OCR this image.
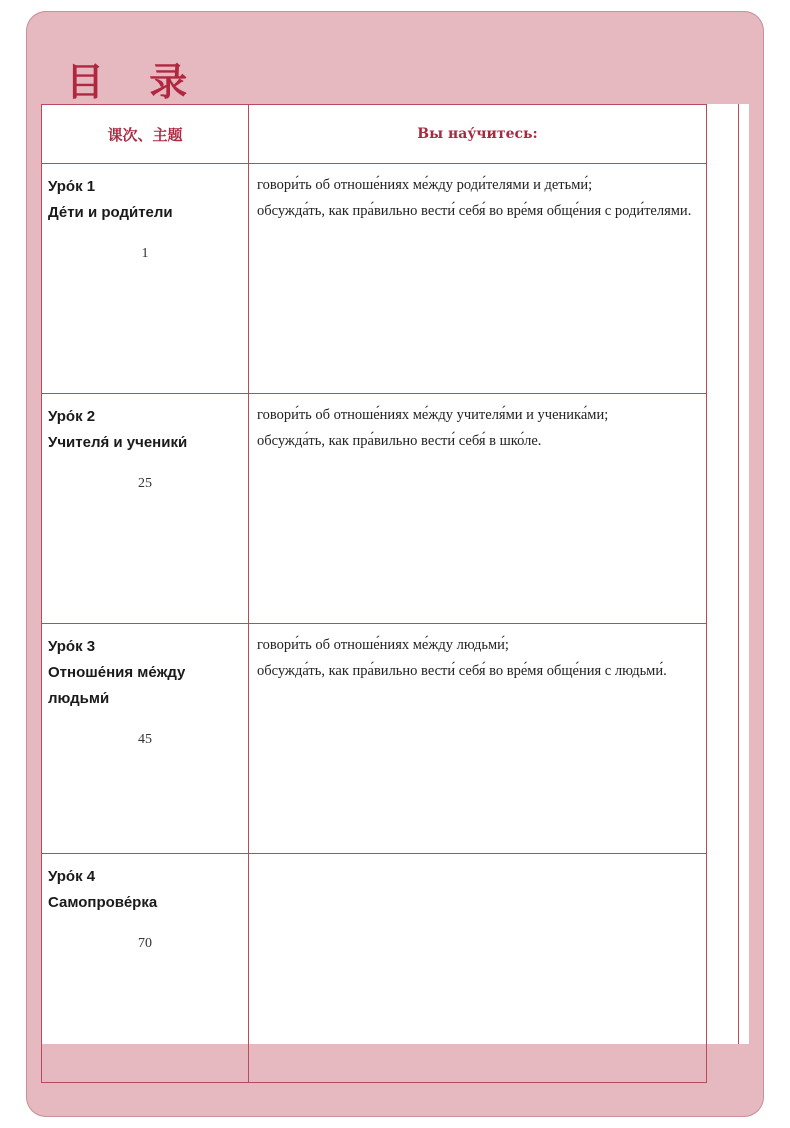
目 录
课次、主题	Вы нау́читесь:

Уро́к 1
Де́ти и роди́тели
1	говори́ть об отноше́ниях ме́жду роди́телями и детьми́;
обсужда́ть, как пра́вильно вести́ себя́ во вре́мя обще́ния с роди́телями.

Уро́к 2
Учителя́ и ученики́
25	говори́ть об отноше́ниях ме́жду учителя́ми и ученика́ми;
обсужда́ть, как пра́вильно вести́ себя́ в шко́ле.

Уро́к 3
Отноше́ния ме́жду людьми́
45	говори́ть об отноше́ниях ме́жду людьми́;
обсужда́ть, как пра́вильно вести́ себя́ во вре́мя обще́ния с людьми́.

Уро́к 4
Самопрове́рка
70	
